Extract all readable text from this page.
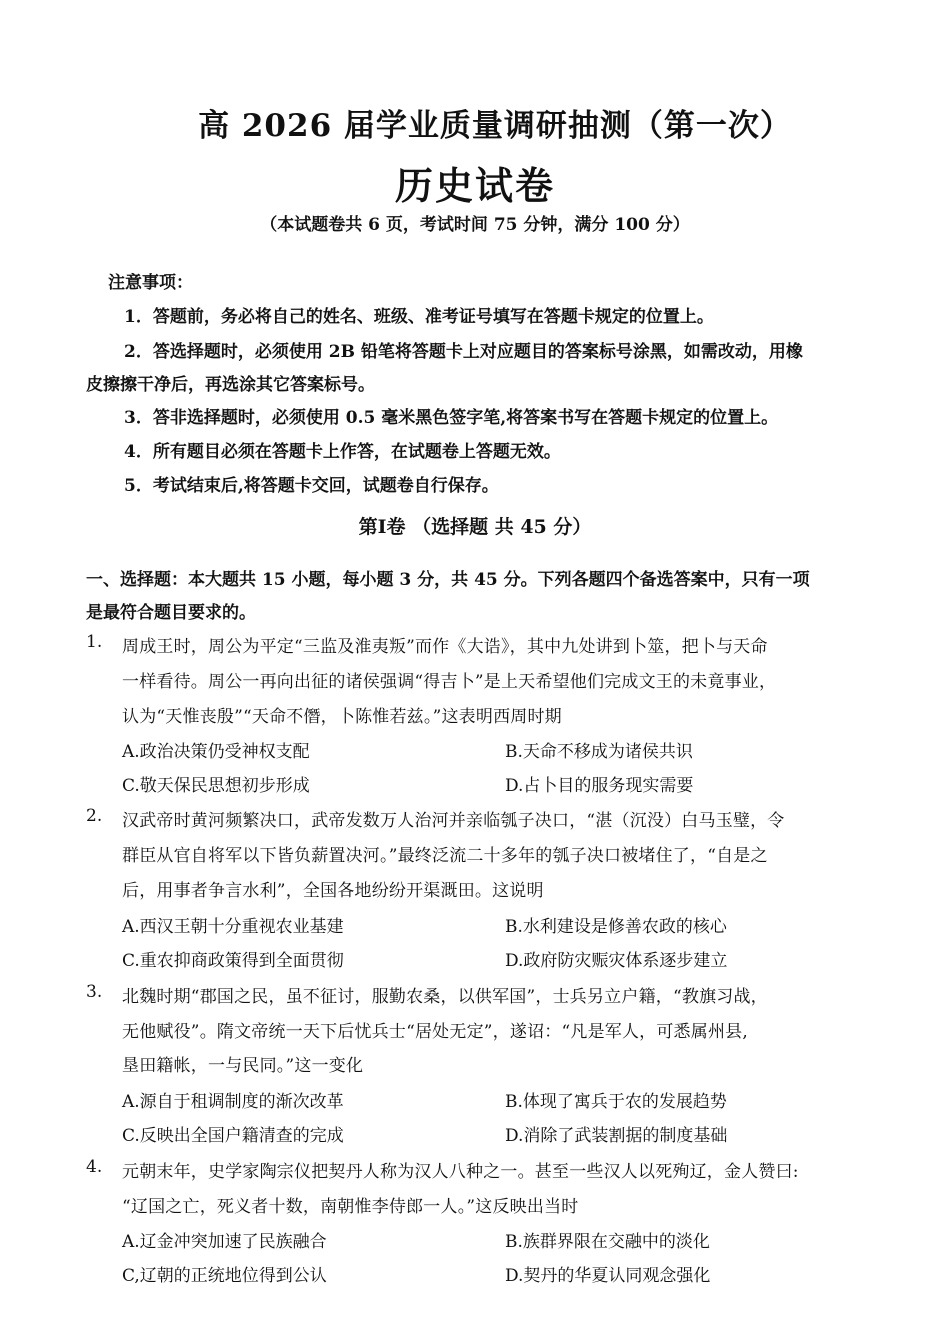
高 2026 届学业质量调研抽测（第一次）
历史试卷
（本试题卷共 6 页，考试时间 75 分钟，满分 100 分）
注意事项：
1．答题前，务必将自己的姓名、班级、准考证号填写在答题卡规定的位置上。
2．答选择题时，必须使用 2B 铅笔将答题卡上对应题目的答案标号涂黑，如需改动，用橡
皮擦擦干净后，再选涂其它答案标号。
3．答非选择题时，必须使用 0.5 毫米黑色签字笔,将答案书写在答题卡规定的位置上。
4．所有题目必须在答题卡上作答，在试题卷上答题无效。
5．考试结束后,将答题卡交回，试题卷自行保存。
第Ⅰ卷 （选择题 共 45 分）
一、选择题：本大题共 15 小题，每小题 3 分，共 45 分。下列各题四个备选答案中，只有一项
是最符合题目要求的。
1. 周成王时，周公为平定“三监及淮夷叛”而作《大诰》，其中九处讲到卜筮，把卜与天命
一样看待。周公一再向出征的诸侯强调“得吉卜”是上天希望他们完成文王的未竟事业，
认为“天惟丧殷”“天命不僭，卜陈惟若兹。”这表明西周时期
A.政治决策仍受神权支配	B.天命不移成为诸侯共识
C.敬天保民思想初步形成	D.占卜目的服务现实需要
2. 汉武帝时黄河频繁决口，武帝发数万人治河并亲临瓠子决口，“湛（沉没）白马玉璧，令
群臣从官自将军以下皆负薪置决河。”最终泛流二十多年的瓠子决口被堵住了，“自是之
后，用事者争言水利”，全国各地纷纷开渠溉田。这说明
A.西汉王朝十分重视农业基建	B.水利建设是修善农政的核心
C.重农抑商政策得到全面贯彻	D.政府防灾赈灾体系逐步建立
3. 北魏时期“郡国之民，虽不征讨，服勤农桑，以供军国”，士兵另立户籍，“教旗习战，
无他赋役”。隋文帝统一天下后忧兵士“居处无定”，遂诏：“凡是军人，可悉属州县,
垦田籍帐，一与民同。”这一变化
A.源自于租调制度的渐次改革	B.体现了寓兵于农的发展趋势
C.反映出全国户籍清查的完成	D.消除了武装割据的制度基础
4. 元朝末年，史学家陶宗仪把契丹人称为汉人八种之一。甚至一些汉人以死殉辽，金人赞曰:
“辽国之亡，死义者十数，南朝惟李侍郎一人。”这反映出当时
A.辽金冲突加速了民族融合	B.族群界限在交融中的淡化
C,辽朝的正统地位得到公认	D.契丹的华夏认同观念强化
